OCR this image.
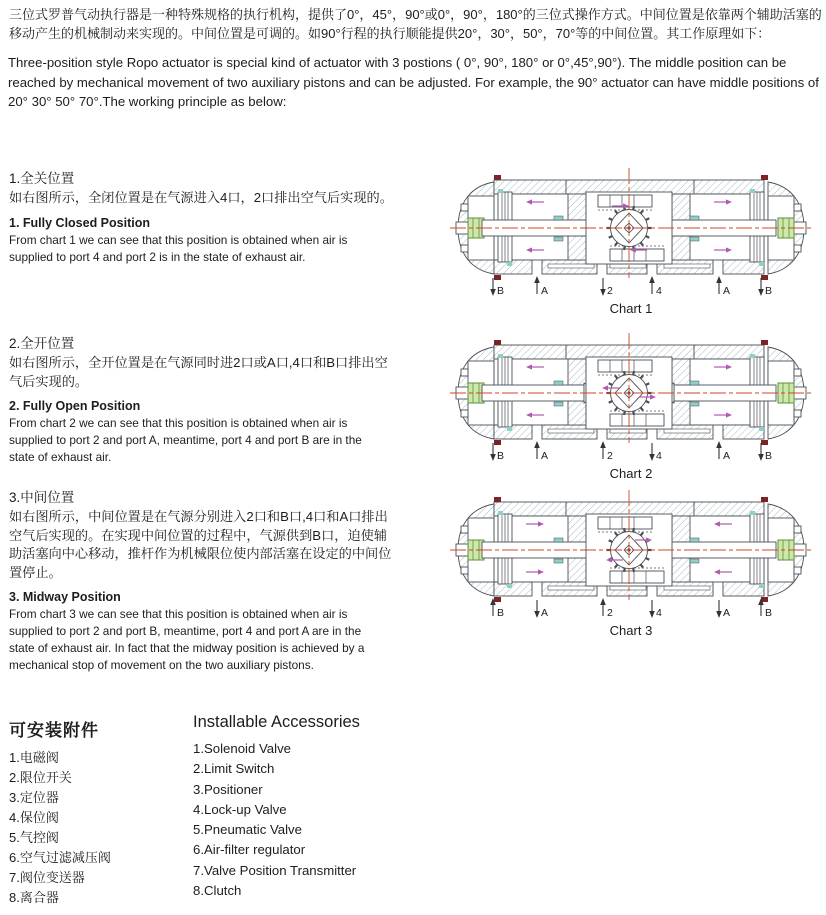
三位式罗普气动执行器是一种特殊规格的执行机构，提供了0°，45°，90°或0°，90°，180°的三位式操作方式。中间位置是依靠两个辅助活塞的移动产生的机械制动来实现的。中间位置是可调的。如90°行程的执行顺能提供20°，30°，50°，70°等的中间位置。其工作原理如下：

Three-position style Ropo actuator is special kind of actuator with 3 postions ( 0°, 90°, 180° or 0°,45°,90°). The middle position can be reached by mechanical movement of two auxiliary pistons and can be adjusted. For example, the 90° actuator can have middle positions of 20° 30° 50° 70°.The working principle as below:

1.全关位置

如右图所示，全闭位置是在气源进入4口，2口排出空气后实现的。

1. Fully Closed Position

From chart 1 we can see that this position is obtained when air is supplied to port 4 and port 2 is in the state of exhaust air.

2.全开位置

如右图所示，全开位置是在气源同时进2口或A口,4口和B口排出空气后实现的。

2. Fully Open Position

From chart 2 we can see that this position is obtained when air is supplied to port 2 and port A, meantime, port 4 and port B are in the state of exhaust air.

3.中间位置

如右图所示，中间位置是在气源分别进入2口和B口,4口和A口排出空气后实现的。在实现中间位置的过程中，气源供到B口，迫使辅助活塞向中心移动，推杆作为机械限位使内部活塞在设定的中间位置停止。

3. Midway Position

From chart 3 we can see that this position is obtained when air is supplied to port 2 and port B, meantime, port 4 and port A are in the state of exhaust air. In fact that the midway position is achieved by a mechanical stop of movement on the two auxiliary pistons.

B	A	2	4	A	B
Chart 1
B	A	2	4	A	B
Chart 2
B	A	2	4	A	B
Chart 3
可安装附件
1.电磁阀
2.限位开关
3.定位器
4.保位阀
5.气控阀
6.空气过滤减压阀
7.阀位变送器
8.离合器
Installable Accessories
1.Solenoid Valve
2.Limit Switch
3.Positioner
4.Lock-up Valve
5.Pneumatic Valve
6.Air-filter regulator
7.Valve Position Transmitter
8.Clutch
